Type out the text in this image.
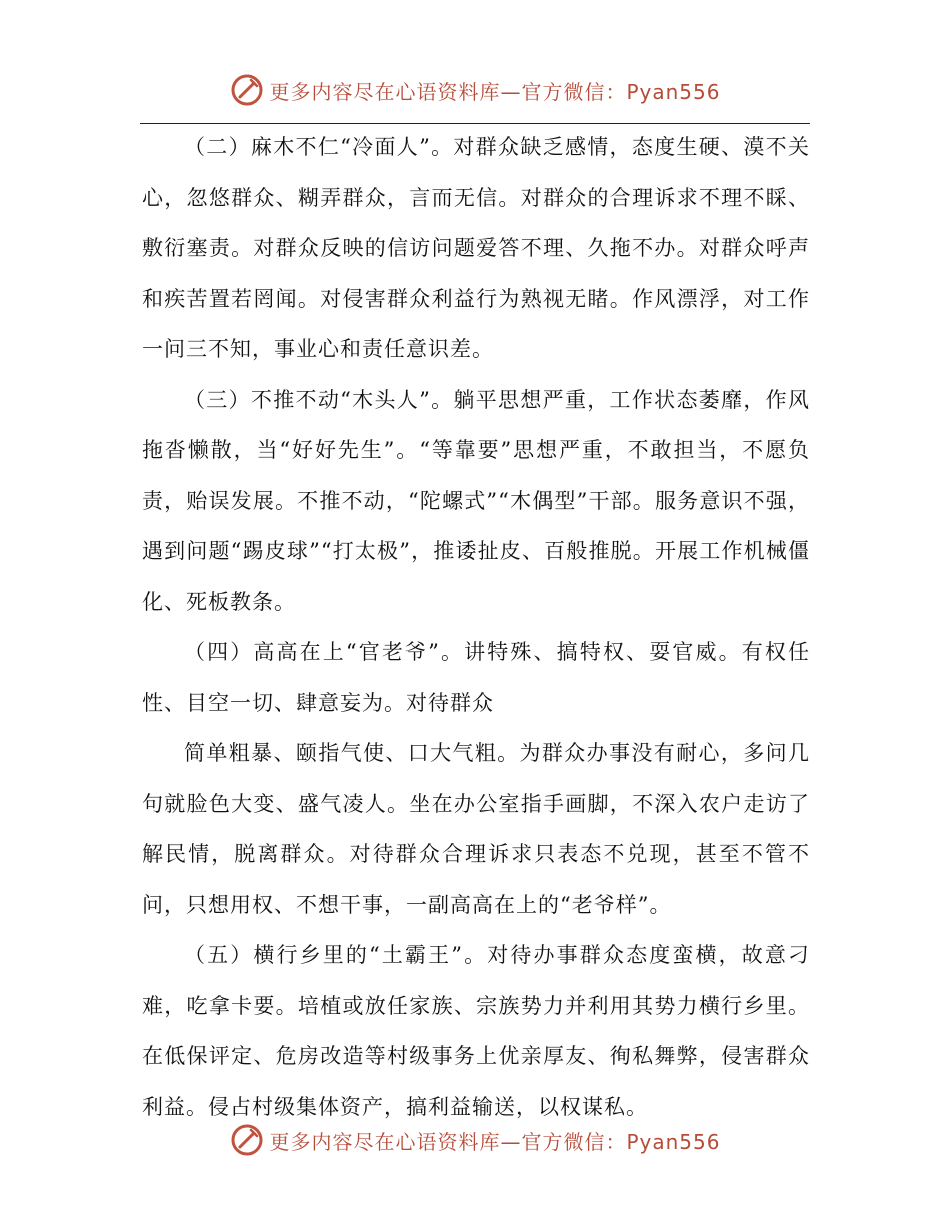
更多内容尽在心语资料库—官方微信：Pyan556

（二）麻木不仁“冷面人”。对群众缺乏感情，态度生硬、漠不关心，忽悠群众、糊弄群众，言而无信。对群众的合理诉求不理不睬、敷衍塞责。对群众反映的信访问题爱答不理、久拖不办。对群众呼声和疾苦置若罔闻。对侵害群众利益行为熟视无睹。作风漂浮，对工作一问三不知，事业心和责任意识差。

（三）不推不动“木头人”。躺平思想严重，工作状态萎靡，作风拖沓懒散，当“好好先生”。“等靠要”思想严重，不敢担当，不愿负责，贻误发展。不推不动，“陀螺式”“木偶型”干部。服务意识不强，遇到问题“踢皮球”“打太极”，推诿扯皮、百般推脱。开展工作机械僵化、死板教条。

（四）高高在上“官老爷”。讲特殊、搞特权、耍官威。有权任性、目空一切、肆意妄为。对待群众

简单粗暴、颐指气使、口大气粗。为群众办事没有耐心，多问几句就脸色大变、盛气凌人。坐在办公室指手画脚，不深入农户走访了解民情，脱离群众。对待群众合理诉求只表态不兑现，甚至不管不问，只想用权、不想干事，一副高高在上的“老爷样”。

（五）横行乡里的“土霸王”。对待办事群众态度蛮横，故意刁难，吃拿卡要。培植或放任家族、宗族势力并利用其势力横行乡里。在低保评定、危房改造等村级事务上优亲厚友、徇私舞弊，侵害群众利益。侵占村级集体资产，搞利益输送，以权谋私。

更多内容尽在心语资料库—官方微信：Pyan556
